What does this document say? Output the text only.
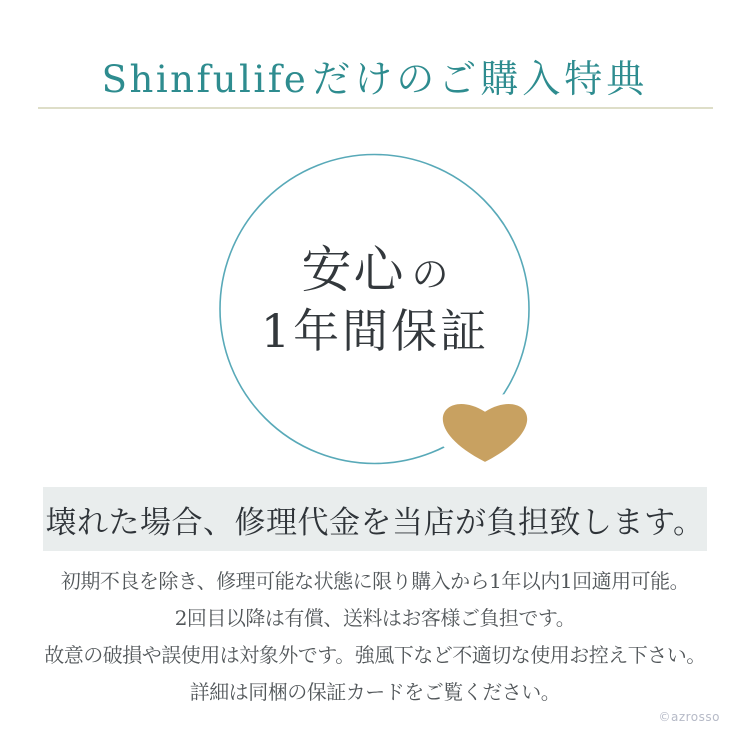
Shinfulife だけのご購入特典
安心 の
1年間保証
壊れた場合、修理代金を当店が負担致します。
初期不良を除き、修理可能な状態に限り購入から1年以内1回適用可能。
2回目以降は有償、送料はお客様ご負担です。
故意の破損や誤使用は対象外です。強風下など不適切な使用お控え下さい。
詳細は同梱の保証カードをご覧ください。
©azrosso
